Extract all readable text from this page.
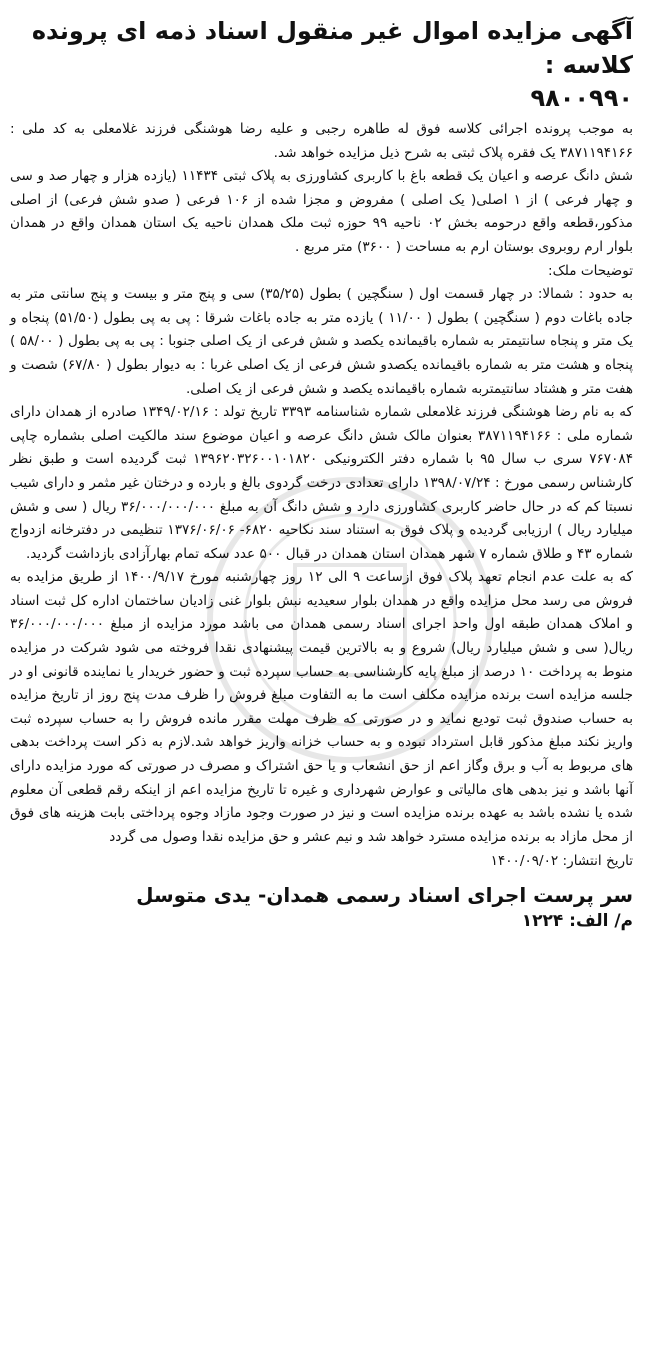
آگهی مزایده اموال غیر منقول اسناد ذمه ای پرونده کلاسه :
۹۸۰۰۹۹۰

به موجب پرونده اجرائی کلاسه فوق له طاهره رجبی و علیه رضا هوشنگی فرزند غلامعلی به کد ملی : ۳۸۷۱۱۹۴۱۶۶ یک فقره پلاک ثبتی به شرح ذیل مزایده خواهد شد.

شش دانگ عرصه و اعیان یک قطعه باغ با کاربری کشاورزی به پلاک ثبتی ۱۱۴۳۴ (یازده هزار و چهار صد و سی و چهار فرعی ) از ۱ اصلی( یک اصلی ) مفروض و مجزا شده از ۱۰۶ فرعی ( صدو شش فرعی) از اصلی مذکور،قطعه واقع درحومه بخش ۰۲ ناحیه ۹۹ حوزه ثبت ملک همدان ناحیه یک استان همدان واقع در همدان بلوار ارم روبروی بوستان ارم به مساحت ( ۳۶۰۰) متر مربع .

توضیحات ملک:

به حدود : شمالا: در چهار قسمت اول ( سنگچین ) بطول (۳۵/۲۵) سی و پنج متر و بیست و پنج سانتی متر به جاده باغات دوم ( سنگچین ) بطول ( ۱۱/۰۰ ) یازده متر به جاده باغات شرقا : پی به پی بطول (۵۱/۵۰) پنجاه و یک متر و پنجاه سانتیمتر به شماره باقیمانده یکصد و شش فرعی از یک اصلی جنوبا : پی به پی بطول ( ۵۸/۰۰ ) پنجاه و هشت متر به شماره باقیمانده یکصدو شش فرعی از یک اصلی غربا : به دیوار بطول ( ۶۷/۸۰) شصت و هفت متر و هشتاد سانتیمتربه شماره باقیمانده یکصد و شش فرعی از یک اصلی.

که به نام رضا هوشنگی فرزند غلامعلی شماره شناسنامه ۳۳۹۳ تاریخ تولد : ۱۳۴۹/۰۲/۱۶ صادره از همدان دارای شماره ملی : ۳۸۷۱۱۹۴۱۶۶ بعنوان مالک شش دانگ عرصه و اعیان موضوع سند مالکیت اصلی بشماره چاپی ۷۶۷۰۸۴ سری ب سال ۹۵ با شماره دفتر الکترونیکی ۱۳۹۶۲۰۳۲۶۰۰۱۰۱۸۲۰ ثبت گردیده است و طبق نظر کارشناس رسمی مورخ : ۱۳۹۸/۰۷/۲۴ دارای تعدادی درخت گردوی بالغ و بارده و درختان غیر مثمر و دارای شیب نسبتا کم که در حال حاضر کاربری کشاورزی دارد و شش دانگ آن به مبلغ ۳۶/۰۰۰/۰۰۰/۰۰۰ ریال ( سی و شش میلیارد ریال ) ارزیابی گردیده و پلاک فوق به استناد سند نکاحیه ۶۸۲۰- ۱۳۷۶/۰۶/۰۶ تنظیمی در دفترخانه ازدواج شماره ۴۳ و طلاق شماره ۷ شهر همدان استان همدان در قبال ۵۰۰ عدد سکه تمام بهارآزادی بازداشت گردید.

که به علت عدم انجام تعهد پلاک فوق ازساعت ۹ الی ۱۲ روز چهارشنبه مورخ ۱۴۰۰/۹/۱۷ از طریق مزایده به فروش می رسد محل مزایده واقع در همدان بلوار سعیدیه نبش بلوار غنی زادیان ساختمان اداره کل ثبت اسناد و املاک همدان طبقه اول واحد اجرای اسناد رسمی همدان می باشد مورد مزایده از مبلغ ۳۶/۰۰۰/۰۰۰/۰۰۰ ریال( سی و شش میلیارد ریال) شروع و به بالاترین قیمت پیشنهادی نقدا فروخته می شود شرکت در مزایده منوط به پرداخت ۱۰ درصد از مبلغ پایه کارشناسی به حساب سپرده ثبت و حضور خریدار یا نماینده قانونی او در جلسه مزایده است برنده مزایده مکلف است ما به التفاوت مبلغ فروش را ظرف مدت پنج روز از تاریخ مزایده به حساب صندوق ثبت تودیع نماید و در صورتی که ظرف مهلت مقرر مانده فروش را به حساب سپرده ثبت واریز نکند مبلغ مذکور قابل استرداد نبوده و به حساب خزانه واریز خواهد شد.لازم به ذکر است پرداخت بدهی های مربوط به آب و برق وگاز اعم از حق انشعاب و یا حق اشتراک و مصرف در صورتی که مورد مزایده دارای آنها باشد و نیز بدهی های مالیاتی و عوارض شهرداری و غیره تا تاریخ مزایده اعم از اینکه رقم قطعی آن معلوم شده یا نشده باشد به عهده برنده مزایده است و نیز در صورت وجود مازاد وجوه پرداختی بابت هزینه های فوق از محل مازاد به برنده مزایده مسترد خواهد شد و نیم عشر و حق مزایده نقدا وصول می گردد

تاریخ انتشار: ۱۴۰۰/۰۹/۰۲

سر پرست اجرای اسناد رسمی همدان- یدی متوسل

م/ الف: ۱۲۲۴
